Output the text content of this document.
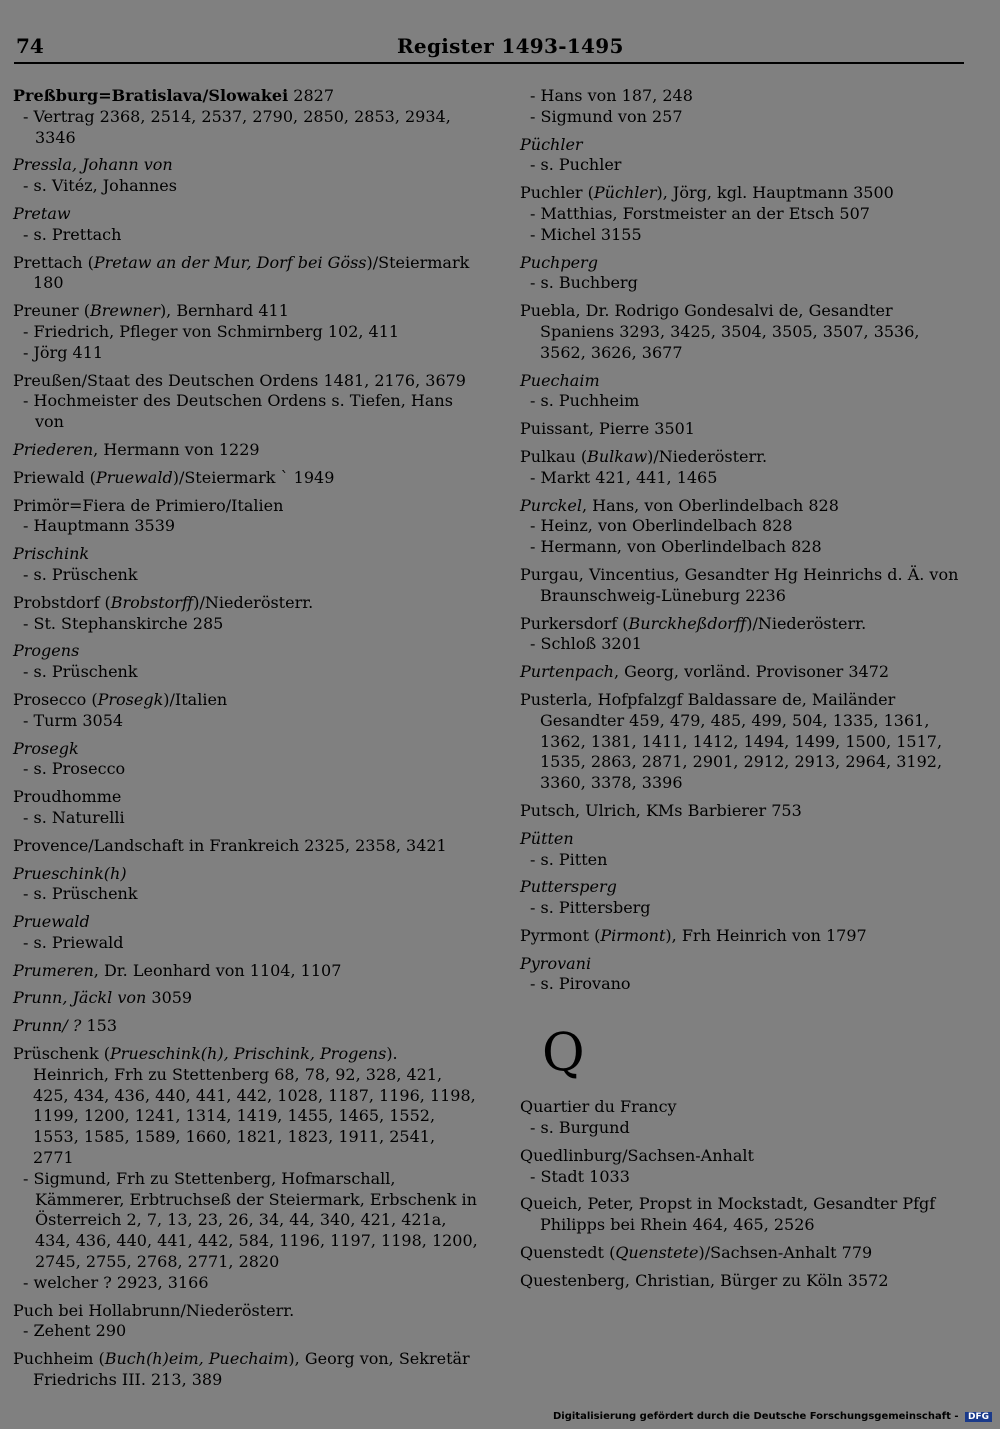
74	Register 1493-1495
Preßburg=Bratislava/Slowakei 2827
- Vertrag 2368, 2514, 2537, 2790, 2850, 2853, 2934, 3346
Pressla, Johann von
- s. Vitéz, Johannes
Pretaw
- s. Prettach
Prettach (Pretaw an der Mur, Dorf bei Göss)/Steiermark 180
Preuner (Brewner), Bernhard 411
- Friedrich, Pfleger von Schmirnberg 102, 411
- Jörg 411
Preußen/Staat des Deutschen Ordens 1481, 2176, 3679
- Hochmeister des Deutschen Ordens s. Tiefen, Hans von
Priederen, Hermann von 1229
Priewald (Pruewald)/Steiermark ` 1949
Primör=Fiera de Primiero/Italien
- Hauptmann 3539
Prischink
- s. Prüschenk
Probstdorf (Brobstorff)/Niederösterr.
- St. Stephanskirche 285
Progens
- s. Prüschenk
Prosecco (Prosegk)/Italien
- Turm 3054
Prosegk
- s. Prosecco
Proudhomme
- s. Naturelli
Provence/Landschaft in Frankreich 2325, 2358, 3421
Prueschink(h)
- s. Prüschenk
Pruewald
- s. Priewald
Prumeren, Dr. Leonhard von 1104, 1107
Prunn, Jäckl von 3059
Prunn/ ? 153
Prüschenk (Prueschink(h), Prischink, Progens). Heinrich, Frh zu Stettenberg 68, 78, 92, 328, 421, 425, 434, 436, 440, 441, 442, 1028, 1187, 1196, 1198, 1199, 1200, 1241, 1314, 1419, 1455, 1465, 1552, 1553, 1585, 1589, 1660, 1821, 1823, 1911, 2541, 2771
- Sigmund, Frh zu Stettenberg, Hofmarschall, Kämmerer, Erbtruchseß der Steiermark, Erbschenk in Österreich 2, 7, 13, 23, 26, 34, 44, 340, 421, 421a, 434, 436, 440, 441, 442, 584, 1196, 1197, 1198, 1200, 2745, 2755, 2768, 2771, 2820
- welcher ? 2923, 3166
Puch bei Hollabrunn/Niederösterr.
- Zehent 290
Puchheim (Buch(h)eim, Puechaim), Georg von, Sekretär Friedrichs III. 213, 389
- Hans von 187, 248
- Sigmund von 257
Püchler
- s. Puchler
Puchler (Püchler), Jörg, kgl. Hauptmann 3500
- Matthias, Forstmeister an der Etsch 507
- Michel 3155
Puchperg
- s. Buchberg
Puebla, Dr. Rodrigo Gondesalvi de, Gesandter Spaniens 3293, 3425, 3504, 3505, 3507, 3536, 3562, 3626, 3677
Puechaim
- s. Puchheim
Puissant, Pierre 3501
Pulkau (Bulkaw)/Niederösterr.
- Markt 421, 441, 1465
Purckel, Hans, von Oberlindelbach 828
- Heinz, von Oberlindelbach 828
- Hermann, von Oberlindelbach 828
Purgau, Vincentius, Gesandter Hg Heinrichs d. Ä. von Braunschweig-Lüneburg 2236
Purkersdorf (Burckheßdorff)/Niederösterr.
- Schloß 3201
Purtenpach, Georg, vorländ. Provisoner 3472
Pusterla, Hofpfalzgf Baldassare de, Mailänder Gesandter 459, 479, 485, 499, 504, 1335, 1361, 1362, 1381, 1411, 1412, 1494, 1499, 1500, 1517, 1535, 2863, 2871, 2901, 2912, 2913, 2964, 3192, 3360, 3378, 3396
Putsch, Ulrich, KMs Barbierer 753
Pütten
- s. Pitten
Puttersperg
- s. Pittersberg
Pyrmont (Pirmont), Frh Heinrich von 1797
Pyrovani
- s. Pirovano
Q
Quartier du Francy
- s. Burgund
Quedlinburg/Sachsen-Anhalt
- Stadt 1033
Queich, Peter, Propst in Mockstadt, Gesandter Pfgf Philipps bei Rhein 464, 465, 2526
Quenstedt (Quenstete)/Sachsen-Anhalt 779
Questenberg, Christian, Bürger zu Köln 3572
Digitalisierung gefördert durch die Deutsche Forschungsgemeinschaft - DFG
